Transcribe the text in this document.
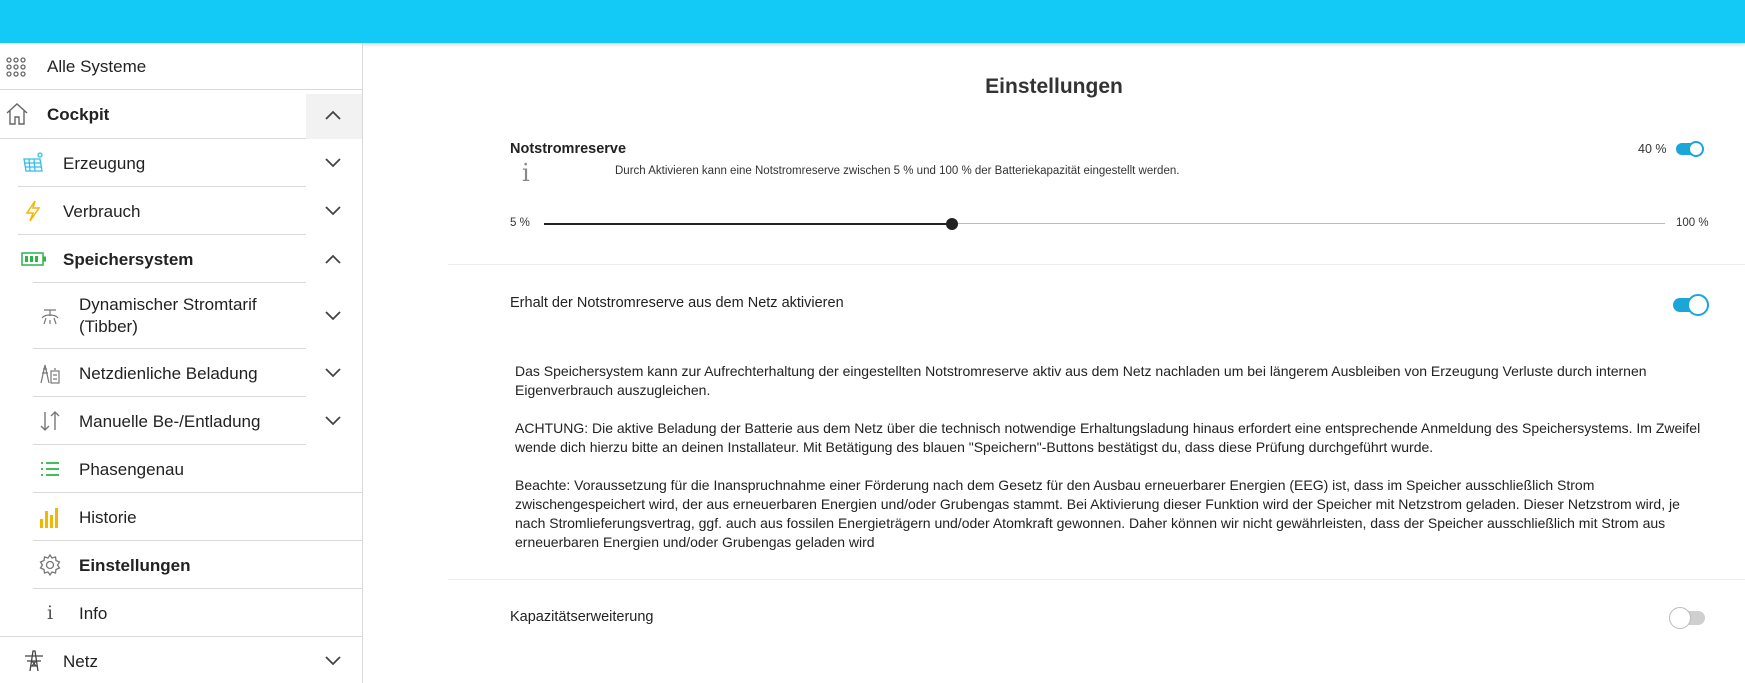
Alle Systeme
Cockpit
Erzeugung
Verbrauch
Speichersystem
Dynamischer Stromtarif
(Tibber)
Netzdienliche Beladung
Manuelle Be-/Entladung
Phasengenau
Historie
Einstellungen
i	Info
Netz
Einstellungen
Notstromreserve	40 %
i	Durch Aktivieren kann eine Notstromreserve zwischen 5 % und 100 % der Batteriekapazität eingestellt werden.
5 %	100 %
Erhalt der Notstromreserve aus dem Netz aktivieren

Das Speichersystem kann zur Aufrechterhaltung der eingestellten Notstromreserve aktiv aus dem Netz nachladen um bei längerem Ausbleiben von Erzeugung Verluste durch internen Eigenverbrauch auszugleichen.

ACHTUNG: Die aktive Beladung der Batterie aus dem Netz über die technisch notwendige Erhaltungsladung hinaus erfordert eine entsprechende Anmeldung des Speichersystems. Im Zweifel wende dich hierzu bitte an deinen Installateur. Mit Betätigung des blauen "Speichern"-Buttons bestätigst du, dass diese Prüfung durchgeführt wurde.

Beachte: Voraussetzung für die Inanspruchnahme einer Förderung nach dem Gesetz für den Ausbau erneuerbarer Energien (EEG) ist, dass im Speicher ausschließlich Strom zwischengespeichert wird, der aus erneuerbaren Energien und/oder Grubengas stammt. Bei Aktivierung dieser Funktion wird der Speicher mit Netzstrom geladen. Dieser Netzstrom wird, je nach Stromlieferungsvertrag, ggf. auch aus fossilen Energieträgern und/oder Atomkraft gewonnen. Daher können wir nicht gewährleisten, dass der Speicher ausschließlich mit Strom aus erneuerbaren Energien und/oder Grubengas geladen wird

Kapazitätserweiterung
